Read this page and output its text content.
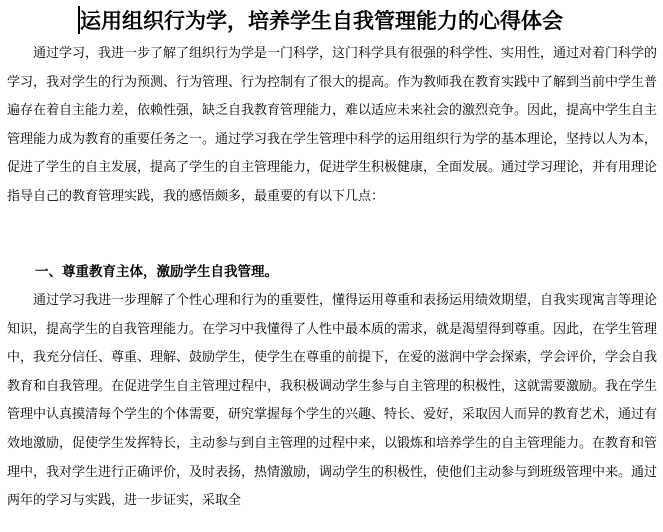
运用组织行为学，培养学生自我管理能力的心得体会

通过学习，我进一步了解了组织行为学是一门科学，这门科学具有很强的科学性、实用性，通过对着门科学的学习，我对学生的行为预测、行为管理、行为控制有了很大的提高。作为教师我在教育实践中了解到当前中学生普遍存在着自主能力差，依赖性强，缺乏自我教育管理能力，难以适应未来社会的激烈竞争。因此，提高中学生自主管理能力成为教育的重要任务之一。通过学习我在学生管理中科学的运用组织行为学的基本理论，坚持以人为本，促进了学生的自主发展，提高了学生的自主管理能力，促进学生积极健康，全面发展。通过学习理论，并有用理论指导自己的教育管理实践，我的感悟颇多，最重要的有以下几点：

一、尊重教育主体，激励学生自我管理。

通过学习我进一步理解了个性心理和行为的重要性，懂得运用尊重和表扬运用绩效期望，自我实现寓言等理论知识，提高学生的自我管理能力。在学习中我懂得了人性中最本质的需求，就是渴望得到尊重。因此，在学生管理中，我充分信任、尊重、理解、鼓励学生，使学生在尊重的前提下，在爱的滋润中学会探索，学会评价，学会自我教育和自我管理。在促进学生自主管理过程中，我积极调动学生参与自主管理的积极性，这就需要激励。我在学生管理中认真摸清每个学生的个体需要，研究掌握每个学生的兴趣、特长、爱好，采取因人而异的教育艺术，通过有效地激励，促使学生发挥特长，主动参与到自主管理的过程中来，以锻炼和培养学生的自主管理能力。在教育和管理中，我对学生进行正确评价，及时表扬，热情激励，调动学生的积极性，使他们主动参与到班级管理中来。通过两年的学习与实践，进一步证实，采取全
